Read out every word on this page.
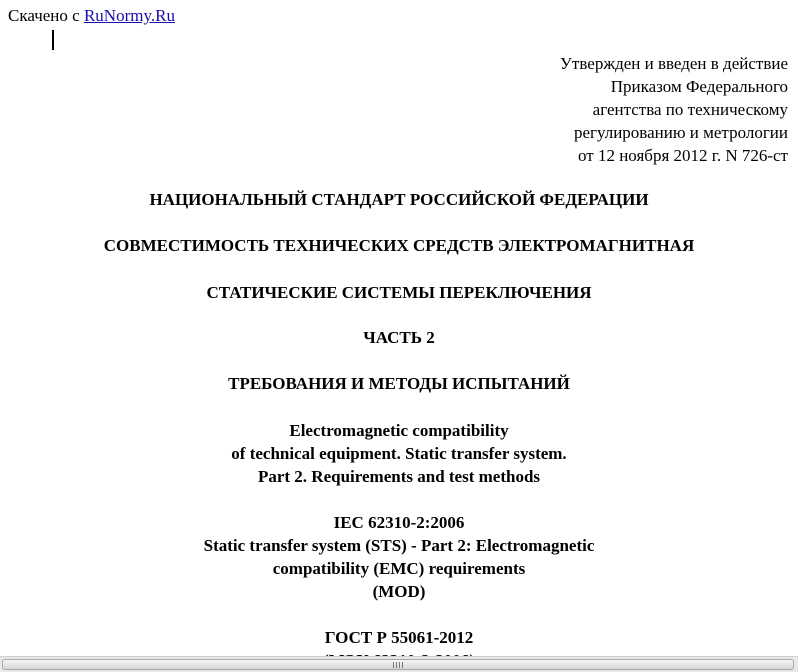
Скачено с RuNormy.Ru
Утвержден и введен в действие
Приказом Федерального
агентства по техническому
регулированию и метрологии
от 12 ноября 2012 г. N 726-ст
НАЦИОНАЛЬНЫЙ СТАНДАРТ РОССИЙСКОЙ ФЕДЕРАЦИИ
СОВМЕСТИМОСТЬ ТЕХНИЧЕСКИХ СРЕДСТВ ЭЛЕКТРОМАГНИТНАЯ
СТАТИЧЕСКИЕ СИСТЕМЫ ПЕРЕКЛЮЧЕНИЯ
ЧАСТЬ 2
ТРЕБОВАНИЯ И МЕТОДЫ ИСПЫТАНИЙ
Electromagnetic compatibility
of technical equipment. Static transfer system.
Part 2. Requirements and test methods
IEC 62310-2:2006
Static transfer system (STS) - Part 2: Electromagnetic
compatibility (EMC) requirements
(MOD)
ГОСТ Р 55061-2012
